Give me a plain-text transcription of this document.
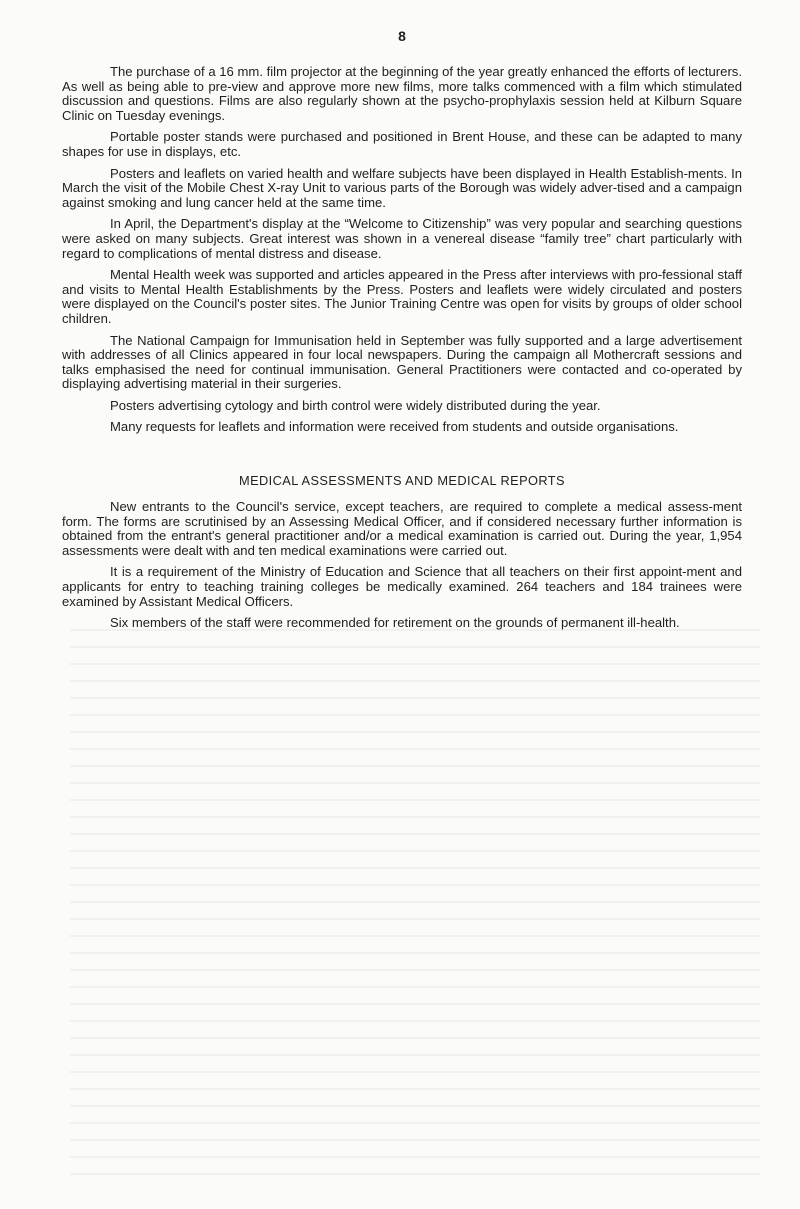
8

The purchase of a 16 mm. film projector at the beginning of the year greatly enhanced the efforts of lecturers. As well as being able to pre-view and approve more new films, more talks commenced with a film which stimulated discussion and questions. Films are also regularly shown at the psycho-prophylaxis session held at Kilburn Square Clinic on Tuesday evenings.

Portable poster stands were purchased and positioned in Brent House, and these can be adapted to many shapes for use in displays, etc.

Posters and leaflets on varied health and welfare subjects have been displayed in Health Establish-ments. In March the visit of the Mobile Chest X-ray Unit to various parts of the Borough was widely adver-tised and a campaign against smoking and lung cancer held at the same time.

In April, the Department's display at the “Welcome to Citizenship” was very popular and searching questions were asked on many subjects. Great interest was shown in a venereal disease “family tree” chart particularly with regard to complications of mental distress and disease.

Mental Health week was supported and articles appeared in the Press after interviews with pro-fessional staff and visits to Mental Health Establishments by the Press. Posters and leaflets were widely circulated and posters were displayed on the Council's poster sites. The Junior Training Centre was open for visits by groups of older school children.

The National Campaign for Immunisation held in September was fully supported and a large advertisement with addresses of all Clinics appeared in four local newspapers. During the campaign all Mothercraft sessions and talks emphasised the need for continual immunisation. General Practitioners were contacted and co-operated by displaying advertising material in their surgeries.

Posters advertising cytology and birth control were widely distributed during the year.

Many requests for leaflets and information were received from students and outside organisations.

MEDICAL ASSESSMENTS AND MEDICAL REPORTS

New entrants to the Council's service, except teachers, are required to complete a medical assess-ment form. The forms are scrutinised by an Assessing Medical Officer, and if considered necessary further information is obtained from the entrant's general practitioner and/or a medical examination is carried out. During the year, 1,954 assessments were dealt with and ten medical examinations were carried out.

It is a requirement of the Ministry of Education and Science that all teachers on their first appoint-ment and applicants for entry to teaching training colleges be medically examined. 264 teachers and 184 trainees were examined by Assistant Medical Officers.

Six members of the staff were recommended for retirement on the grounds of permanent ill-health.
